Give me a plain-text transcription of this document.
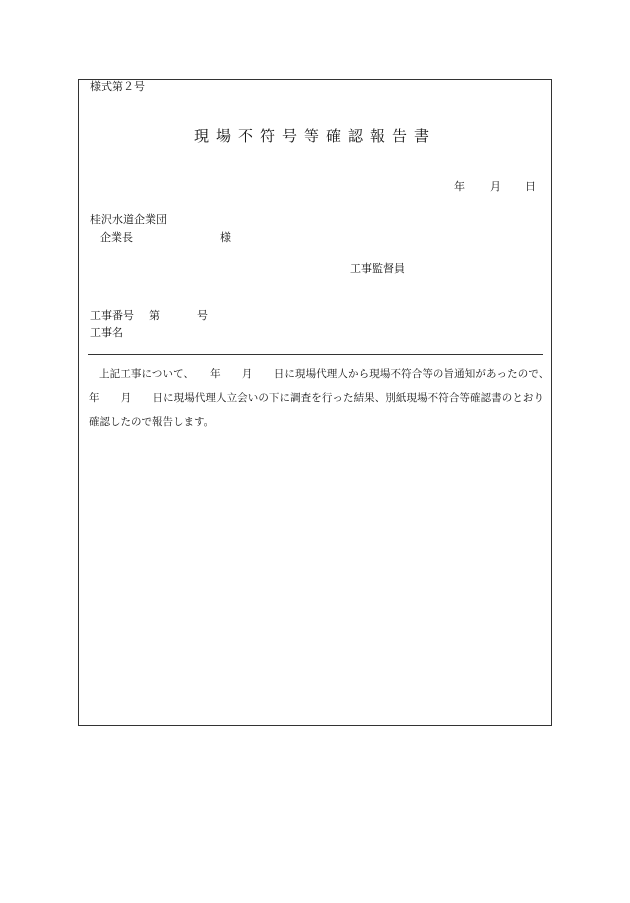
様式第２号
現場不符号等確認報告書
年 月 日
桂沢水道企業団
企業長	様
工事監督員
工事番号 第	号
工事名
上記工事について、　　年　　月　　日に現場代理人から現場不符合等の旨通知があったので、　　年　　月　　日に現場代理人立会いの下に調査を行った結果、別紙現場不符合等確認書のとおり確認したので報告します。
